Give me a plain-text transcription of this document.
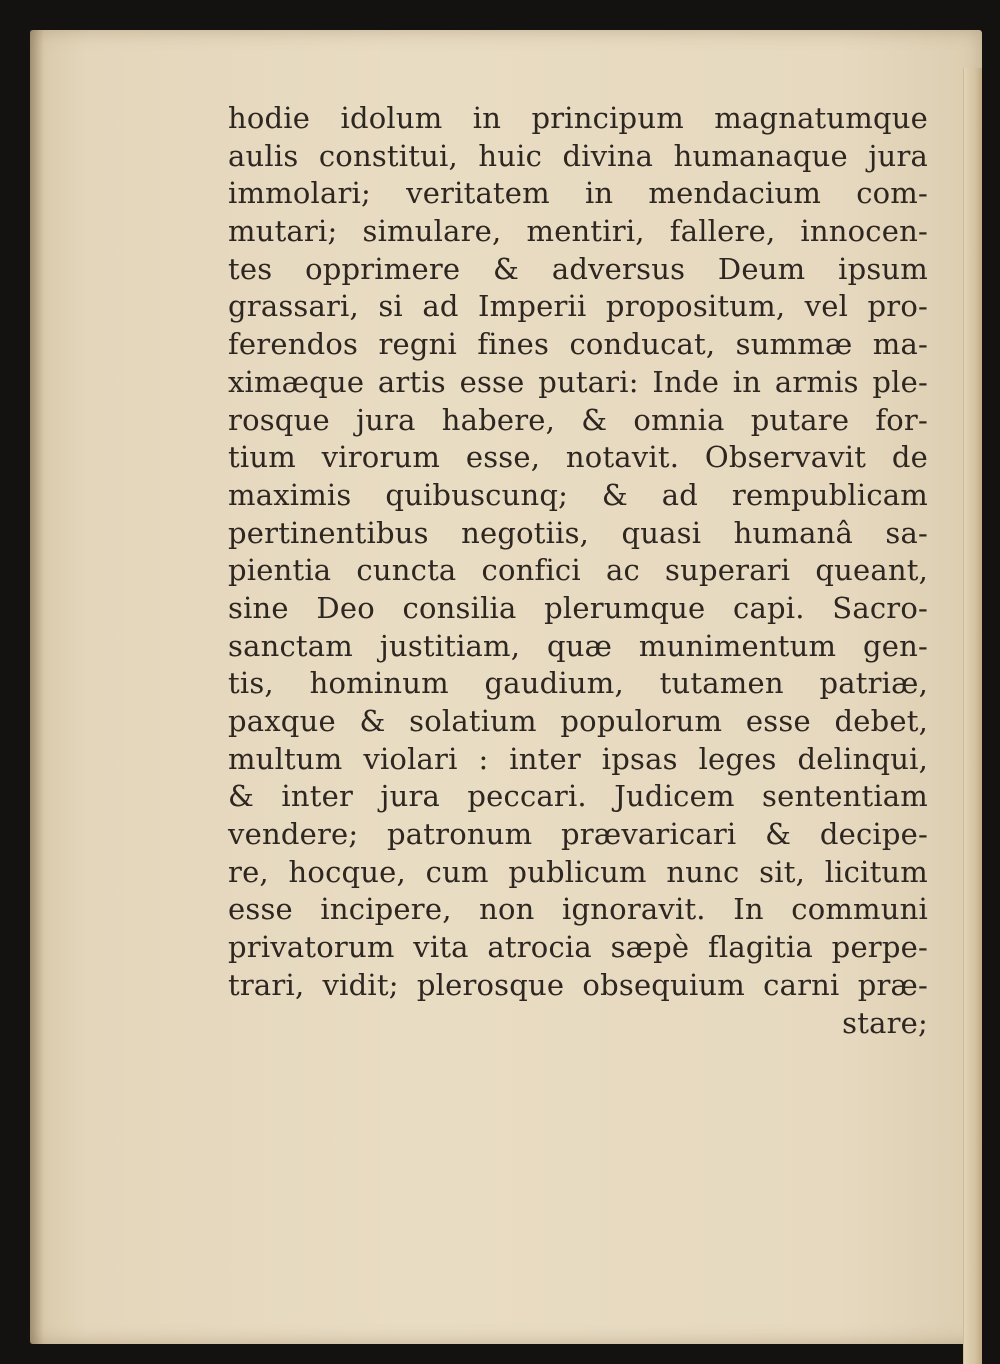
hodie idolum in principum magnatumque
aulis constitui, huic divina humanaque jura
immolari; veritatem in mendacium com-
mutari; simulare, mentiri, fallere, innocen-
tes opprimere & adversus Deum ipsum
grassari, si ad Imperii propositum, vel pro-
ferendos regni fines conducat, summæ ma-
ximæque artis esse putari: Inde in armis ple-
rosque jura habere, & omnia putare for-
tium virorum esse, notavit. Observavit de
maximis quibuscunq; & ad rempublicam
pertinentibus negotiis, quasi humanâ sa-
pientia cuncta confici ac superari queant,
sine Deo consilia plerumque capi. Sacro-
sanctam justitiam, quæ munimentum gen-
tis, hominum gaudium, tutamen patriæ,
paxque & solatium populorum esse debet,
multum violari : inter ipsas leges delinqui,
& inter jura peccari. Judicem sententiam
vendere; patronum prævaricari & decipe-
re, hocque, cum publicum nunc sit, licitum
esse incipere, non ignoravit. In communi
privatorum vita atrocia sæpè flagitia perpe-
trari, vidit; plerosque obsequium carni præ-
stare;
